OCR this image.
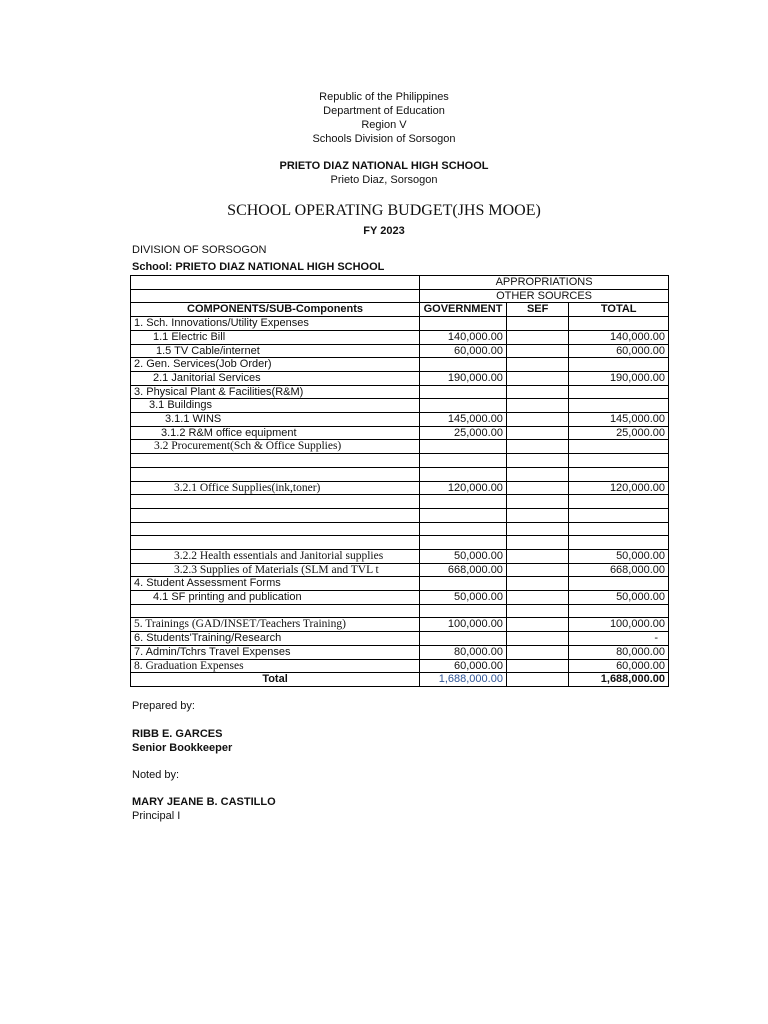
Republic of the Philippines
Department of Education
Region V
Schools Division of Sorsogon
PRIETO DIAZ NATIONAL HIGH SCHOOL
Prieto Diaz, Sorsogon
SCHOOL OPERATING BUDGET(JHS MOOE)
FY 2023
DIVISION OF SORSOGON
School: PRIETO DIAZ NATIONAL HIGH SCHOOL
	APPROPRIATIONS		
	OTHER SOURCES		
COMPONENTS/SUB-Components	GOVERNMENT	SEF	TOTAL
1. Sch. Innovations/Utility Expenses			
1.1 Electric Bill	140,000.00		140,000.00
1.5 TV Cable/internet	60,000.00		60,000.00
2. Gen. Services(Job Order)			
2.1 Janitorial Services	190,000.00		190,000.00
3. Physical Plant & Facilities(R&M)			
3.1 Buildings			
3.1.1 WINS	145,000.00		145,000.00
3.1.2 R&M office equipment	25,000.00		25,000.00
3.2 Procurement(Sch & Office Supplies)			

3.2.1 Office Supplies(ink,toner)	120,000.00		120,000.00

3.2.2 Health essentials and Janitorial supplies	50,000.00		50,000.00
3.2.3 Supplies of Materials (SLM and TVL t	668,000.00		668,000.00
4. Student Assessment Forms			
4.1 SF printing and publication	50,000.00		50,000.00

5. Trainings (GAD/INSET/Teachers Training)	100,000.00		100,000.00
6. Students'Training/Research			-
7. Admin/Tchrs Travel Expenses	80,000.00		80,000.00
8. Graduation Expenses	60,000.00		60,000.00
Total	1,688,000.00		1,688,000.00
Prepared by:
RIBB E. GARCES
Senior Bookkeeper
Noted by:
MARY JEANE B. CASTILLO
Principal I
